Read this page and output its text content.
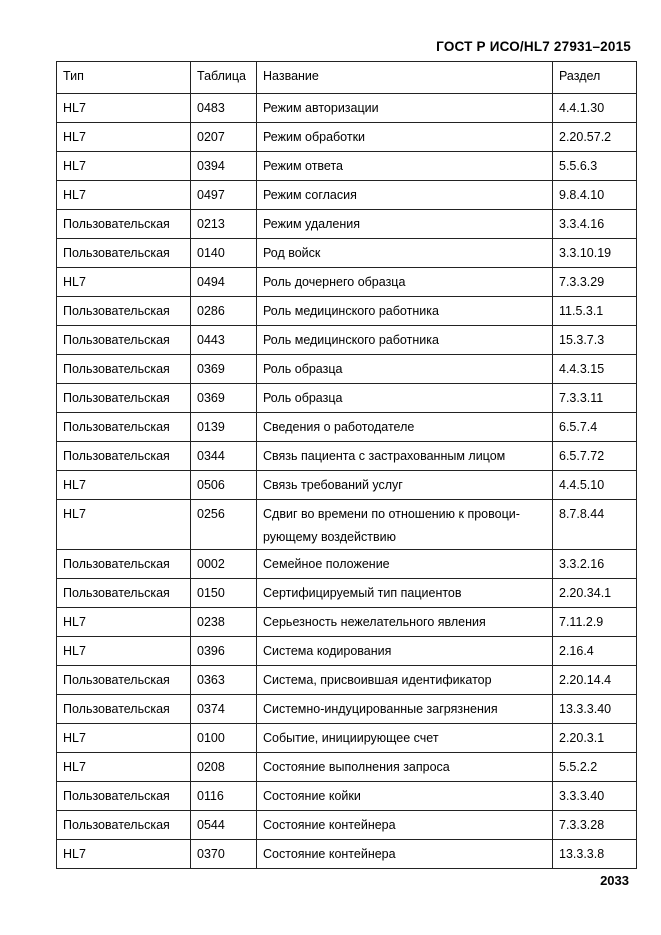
ГОСТ Р ИСО/HL7 27931–2015
Тип	Таблица	Название	Раздел
HL7	0483	Режим авторизации	4.4.1.30
HL7	0207	Режим обработки	2.20.57.2
HL7	0394	Режим ответа	5.5.6.3
HL7	0497	Режим согласия	9.8.4.10
Пользовательская	0213	Режим удаления	3.3.4.16
Пользовательская	0140	Род войск	3.3.10.19
HL7	0494	Роль дочернего образца	7.3.3.29
Пользовательская	0286	Роль медицинского работника	11.5.3.1
Пользовательская	0443	Роль медицинского работника	15.3.7.3
Пользовательская	0369	Роль образца	4.4.3.15
Пользовательская	0369	Роль образца	7.3.3.11
Пользовательская	0139	Сведения о работодателе	6.5.7.4
Пользовательская	0344	Связь пациента с застрахованным лицом	6.5.7.72
HL7	0506	Связь требований услуг	4.4.5.10
HL7	0256	Сдвиг во времени по отношению к провоци-рующему воздействию	8.7.8.44
Пользовательская	0002	Семейное положение	3.3.2.16
Пользовательская	0150	Сертифицируемый тип пациентов	2.20.34.1
HL7	0238	Серьезность нежелательного явления	7.11.2.9
HL7	0396	Система кодирования	2.16.4
Пользовательская	0363	Система, присвоившая идентификатор	2.20.14.4
Пользовательская	0374	Системно-индуцированные загрязнения	13.3.3.40
HL7	0100	Событие, инициирующее счет	2.20.3.1
HL7	0208	Состояние выполнения запроса	5.5.2.2
Пользовательская	0116	Состояние койки	3.3.3.40
Пользовательская	0544	Состояние контейнера	7.3.3.28
HL7	0370	Состояние контейнера	13.3.3.8
2033
